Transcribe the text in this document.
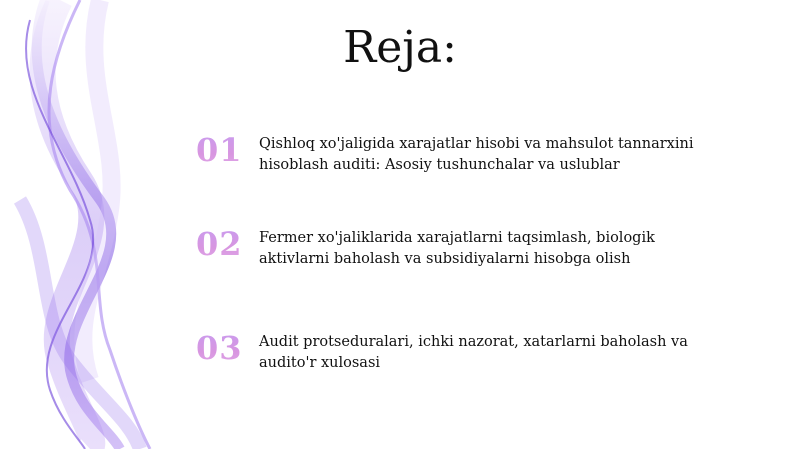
Reja:
01 Qishloq xo'jaligida xarajatlar hisobi va mahsulot tannarxini hisoblash auditi: Asosiy tushunchalar va uslublar
02 Fermer xo'jaliklarida xarajatlarni taqsimlash, biologik aktivlarni baholash va subsidiyalarni hisobga olish
03 Audit protseduralari, ichki nazorat, xatarlarni baholash va audito'r xulosasi
